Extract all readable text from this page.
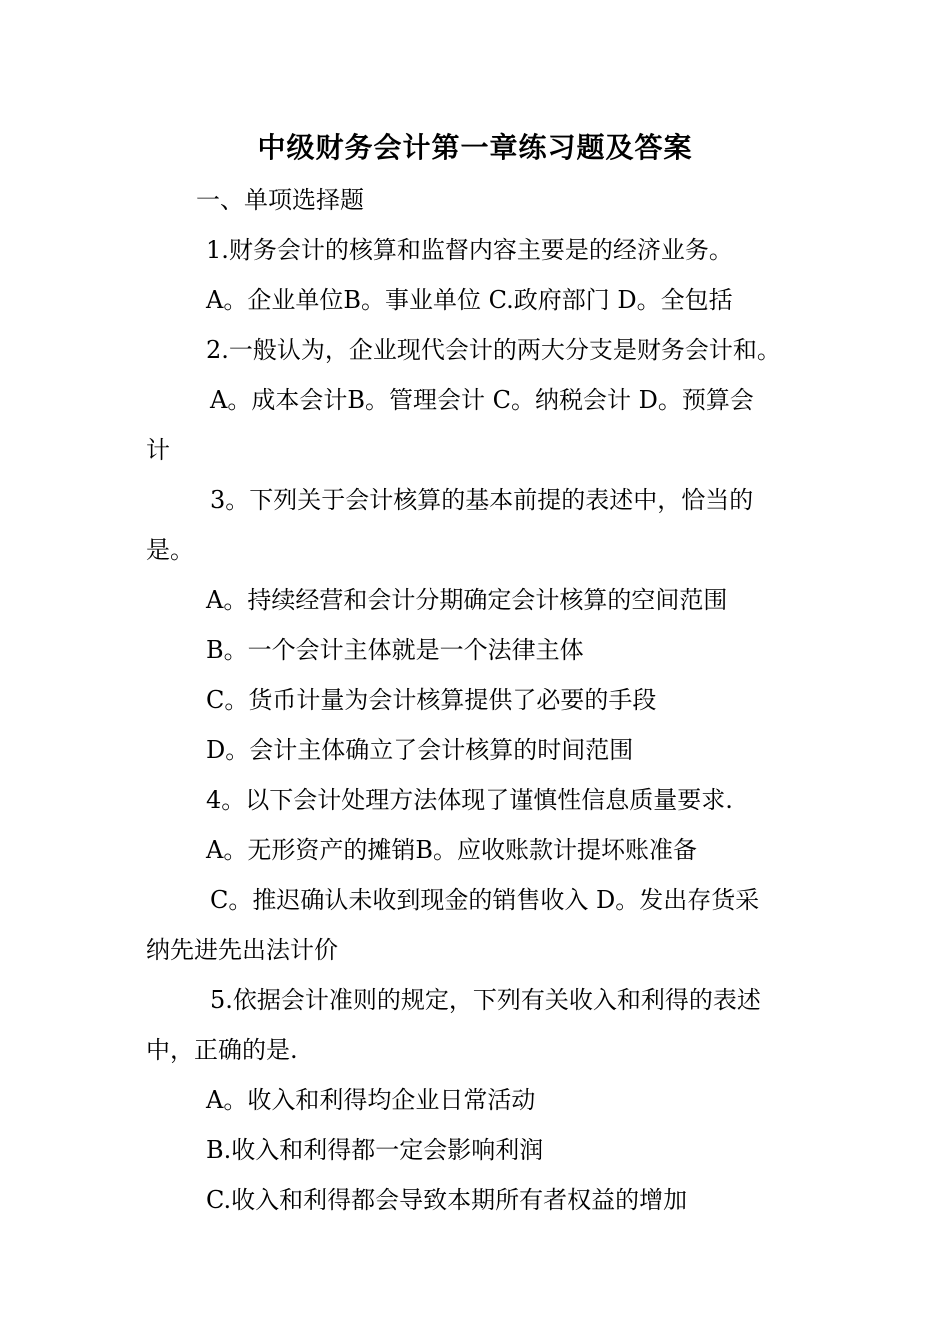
中级财务会计第一章练习题及答案
一、单项选择题
1.财务会计的核算和监督内容主要是的经济业务。
A。企业单位B。事业单位 C.政府部门 D。全包括
2.一般认为，企业现代会计的两大分支是财务会计和。
A。成本会计B。管理会计 C。纳税会计 D。预算会
计
3。下列关于会计核算的基本前提的表述中，恰当的
是。
A。持续经营和会计分期确定会计核算的空间范围
B。一个会计主体就是一个法律主体
C。货币计量为会计核算提供了必要的手段
D。会计主体确立了会计核算的时间范围
4。以下会计处理方法体现了谨慎性信息质量要求.
A。无形资产的摊销B。应收账款计提坏账准备
C。推迟确认未收到现金的销售收入 D。发出存货采
纳先进先出法计价
5.依据会计准则的规定，下列有关收入和利得的表述
中，正确的是.
A。收入和利得均企业日常活动
B.收入和利得都一定会影响利润
C.收入和利得都会导致本期所有者权益的增加
